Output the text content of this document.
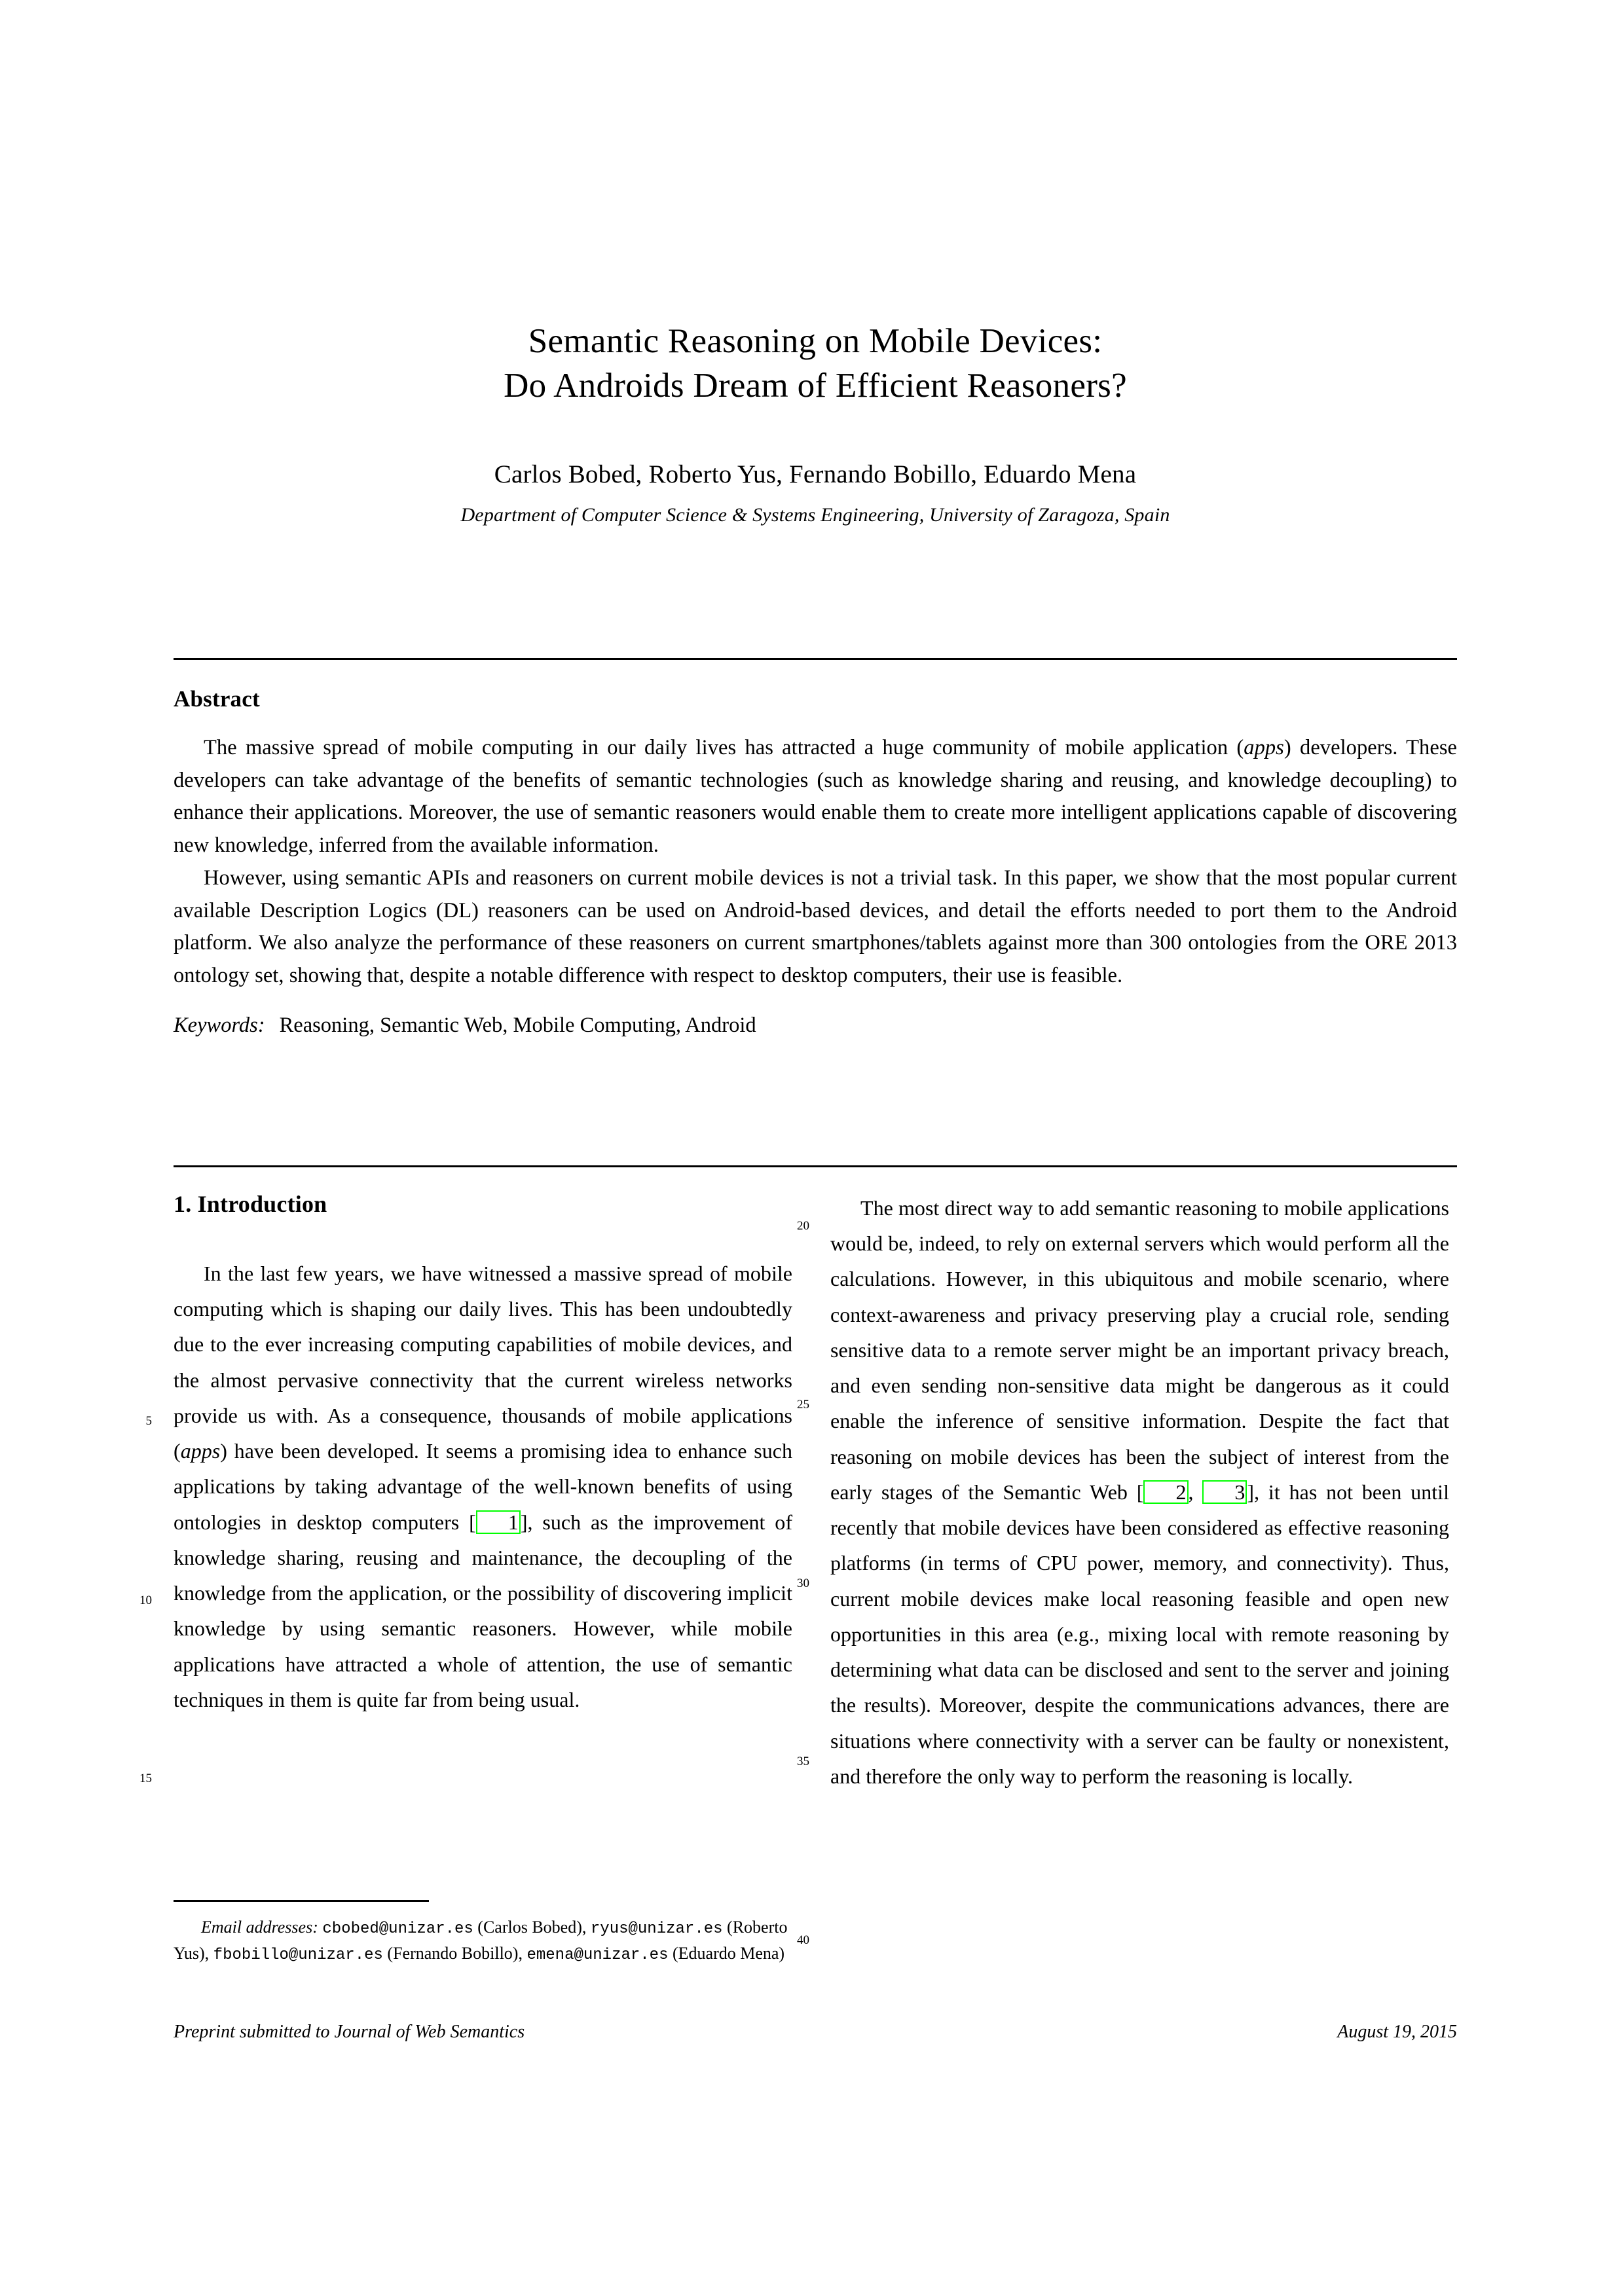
Semantic Reasoning on Mobile Devices:
Do Androids Dream of Efficient Reasoners?
Carlos Bobed, Roberto Yus, Fernando Bobillo, Eduardo Mena
Department of Computer Science & Systems Engineering, University of Zaragoza, Spain
Abstract

The massive spread of mobile computing in our daily lives has attracted a huge community of mobile application (apps) developers. These developers can take advantage of the benefits of semantic technologies (such as knowledge sharing and reusing, and knowledge decoupling) to enhance their applications. Moreover, the use of semantic reasoners would enable them to create more intelligent applications capable of discovering new knowledge, inferred from the available information.

However, using semantic APIs and reasoners on current mobile devices is not a trivial task. In this paper, we show that the most popular current available Description Logics (DL) reasoners can be used on Android-based devices, and detail the efforts needed to port them to the Android platform. We also analyze the performance of these reasoners on current smartphones/tablets against more than 300 ontologies from the ORE 2013 ontology set, showing that, despite a notable difference with respect to desktop computers, their use is feasible.

Keywords: Reasoning, Semantic Web, Mobile Computing, Android
1. Introduction

In the last few years, we have witnessed a massive spread of mobile computing which is shaping our daily lives. This has been undoubtedly due to the ever increasing computing capabilities of mobile devices, and the almost pervasive connectivity that the current wireless networks provide us with. As a consequence, thousands of mobile applications (apps) have been developed. It seems a promising idea to enhance such applications by taking advantage of the well-known benefits of using ontologies in desktop computers [ 1], such as the improvement of knowledge sharing, reusing and maintenance, the decoupling of the knowledge from the application, or the possibility of discovering implicit knowledge by using semantic reasoners. However, while mobile applications have attracted a whole of attention, the use of semantic techniques in them is quite far from being usual.

The most direct way to add semantic reasoning to mobile applications would be, indeed, to rely on external servers which would perform all the calculations. However, in this ubiquitous and mobile scenario, where context-awareness and privacy preserving play a crucial role, sending sensitive data to a remote server might be an important privacy breach, and even sending non-sensitive data might be dangerous as it could enable the inference of sensitive information. Despite the fact that reasoning on mobile devices has been the subject of interest from the early stages of the Semantic Web [ 2, 3], it has not been until recently that mobile devices have been considered as effective reasoning platforms (in terms of CPU power, memory, and connectivity). Thus, current mobile devices make local reasoning feasible and open new opportunities in this area (e.g., mixing local with remote reasoning by determining what data can be disclosed and sent to the server and joining the results). Moreover, despite the communications advances, there are situations where connectivity with a server can be faulty or nonexistent, and therefore the only way to perform the reasoning is locally.

5
10
15
20
25
30
35
40

Email addresses: cbobed@unizar.es (Carlos Bobed), ryus@unizar.es (Roberto Yus), fbobillo@unizar.es (Fernando Bobillo), emena@unizar.es (Eduardo Mena)

Preprint submitted to Journal of Web Semantics	August 19, 2015
